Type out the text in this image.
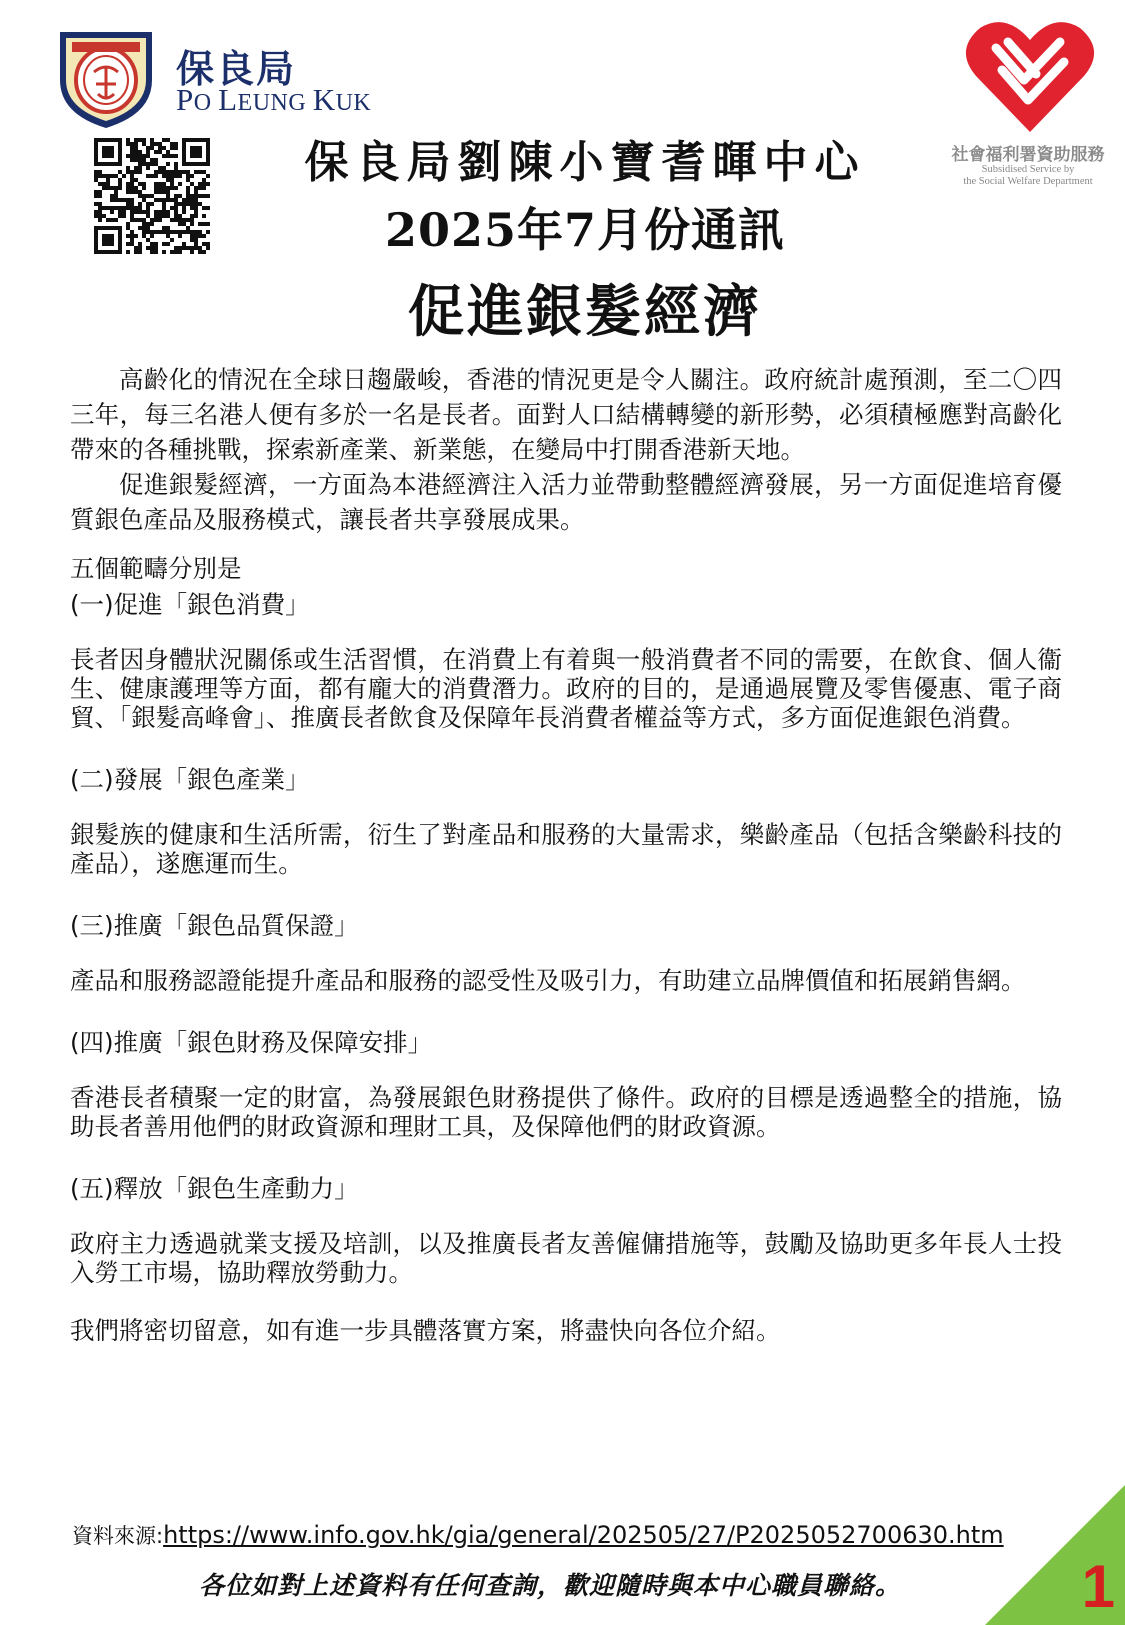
保良局
PO LEUNG KUK
社會福利署資助服務
Subsidised Service by
the Social Welfare Department
保良局劉陳小寶耆暉中心
2025年7月份通訊
促進銀髮經濟

高齡化的情況在全球日趨嚴峻，香港的情況更是令人關注。政府統計處預測，至二〇四三年，每三名港人便有多於一名是長者。面對人口結構轉變的新形勢，必須積極應對高齡化帶來的各種挑戰，探索新產業、新業態，在變局中打開香港新天地。

促進銀髮經濟，一方面為本港經濟注入活力並帶動整體經濟發展，另一方面促進培育優質銀色產品及服務模式，讓長者共享發展成果。

五個範疇分別是

(一)促進「銀色消費」

長者因身體狀況關係或生活習慣，在消費上有着與一般消費者不同的需要，在飲食、個人衞生、健康護理等方面，都有龐大的消費潛力。政府的目的，是通過展覽及零售優惠、電子商貿、「銀髮高峰會」、推廣長者飲食及保障年長消費者權益等方式，多方面促進銀色消費。

(二)發展「銀色產業」

銀髮族的健康和生活所需，衍生了對產品和服務的大量需求，樂齡產品（包括含樂齡科技的產品），遂應運而生。

(三)推廣「銀色品質保證」

產品和服務認證能提升產品和服務的認受性及吸引力，有助建立品牌價值和拓展銷售網。

(四)推廣「銀色財務及保障安排」

香港長者積聚一定的財富，為發展銀色財務提供了條件。政府的目標是透過整全的措施，協助長者善用他們的財政資源和理財工具，及保障他們的財政資源。

(五)釋放「銀色生產動力」

政府主力透過就業支援及培訓，以及推廣長者友善僱傭措施等，鼓勵及協助更多年長人士投入勞工市場，協助釋放勞動力。

我們將密切留意，如有進一步具體落實方案，將盡快向各位介紹。

資料來源:https://www.info.gov.hk/gia/general/202505/27/P2025052700630.htm
各位如對上述資料有任何查詢，歡迎隨時與本中心職員聯絡。	1
